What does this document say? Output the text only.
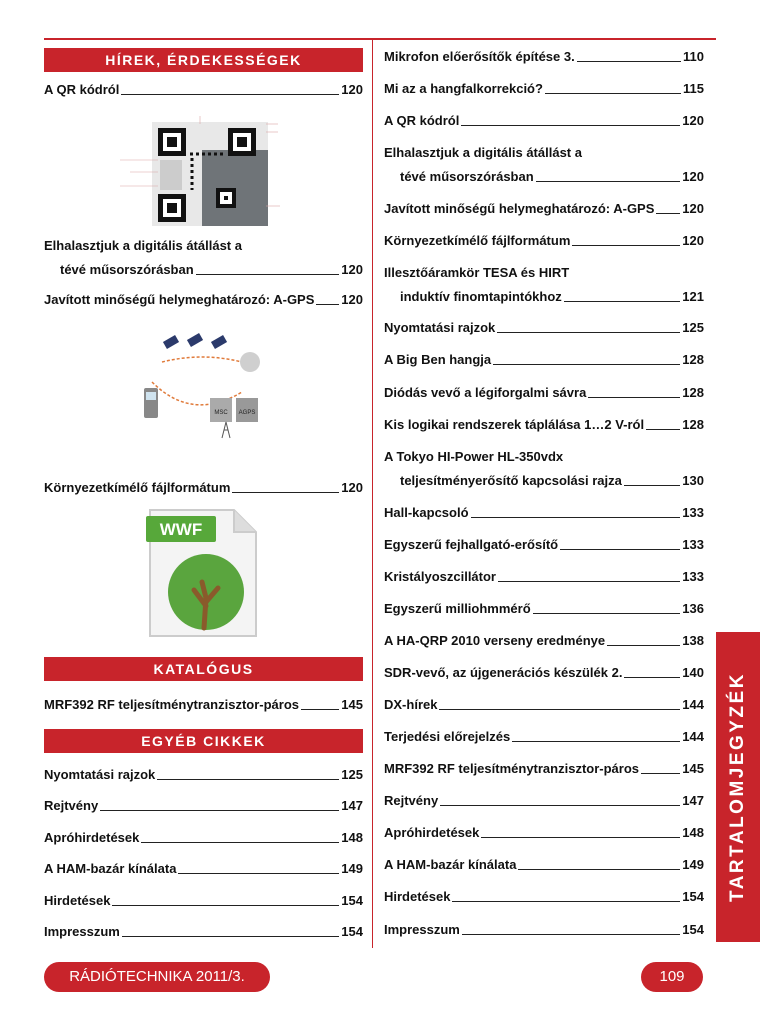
HÍREK, ÉRDEKESSÉGEK
A QR kódról	120
Elhalasztjuk a digitális átállást a
tévé műsorszórásban	120
Javított minőségű helymeghatározó: A-GPS 120
MSC AGPS
Környezetkímélő fájlformátum	120
WWF
KATALÓGUS
MRF392 RF teljesítménytranzisztor-páros	145
EGYÉB CIKKEK
Nyomtatási rajzok	125
Rejtvény	147
Apróhirdetések	148
A HAM-bazár kínálata	149
Hirdetések	154
Impresszum	154
Mikrofon előerősítők építése 3.	110
Mi az a hangfalkorrekció?	115
A QR kódról	120
Elhalasztjuk a digitális átállást a
tévé műsorszórásban	120
Javított minőségű helymeghatározó: A-GPS 120
Környezetkímélő fájlformátum	120
Illesztőáramkör TESA és HIRT
induktív finomtapintókhoz	121
Nyomtatási rajzok	125
A Big Ben hangja	128
Diódás vevő a légiforgalmi sávra	128
Kis logikai rendszerek táplálása 1…2 V-ról	128
A Tokyo HI-Power HL-350vdx
teljesítményerősítő kapcsolási rajza	130
Hall-kapcsoló	133
Egyszerű fejhallgató-erősítő	133
Kristályoszcillátor	133
Egyszerű milliohmmérő	136
A HA-QRP 2010 verseny eredménye	138
SDR-vevő, az újgenerációs készülék 2.	140
DX-hírek	144
Terjedési előrejelzés	144
MRF392 RF teljesítménytranzisztor-páros	145
Rejtvény	147
Apróhirdetések	148
A HAM-bazár kínálata	149
Hirdetések	154
Impresszum	154
TARTALOMJEGYZÉK
RÁDIÓTECHNIKA 2011/3.	109
